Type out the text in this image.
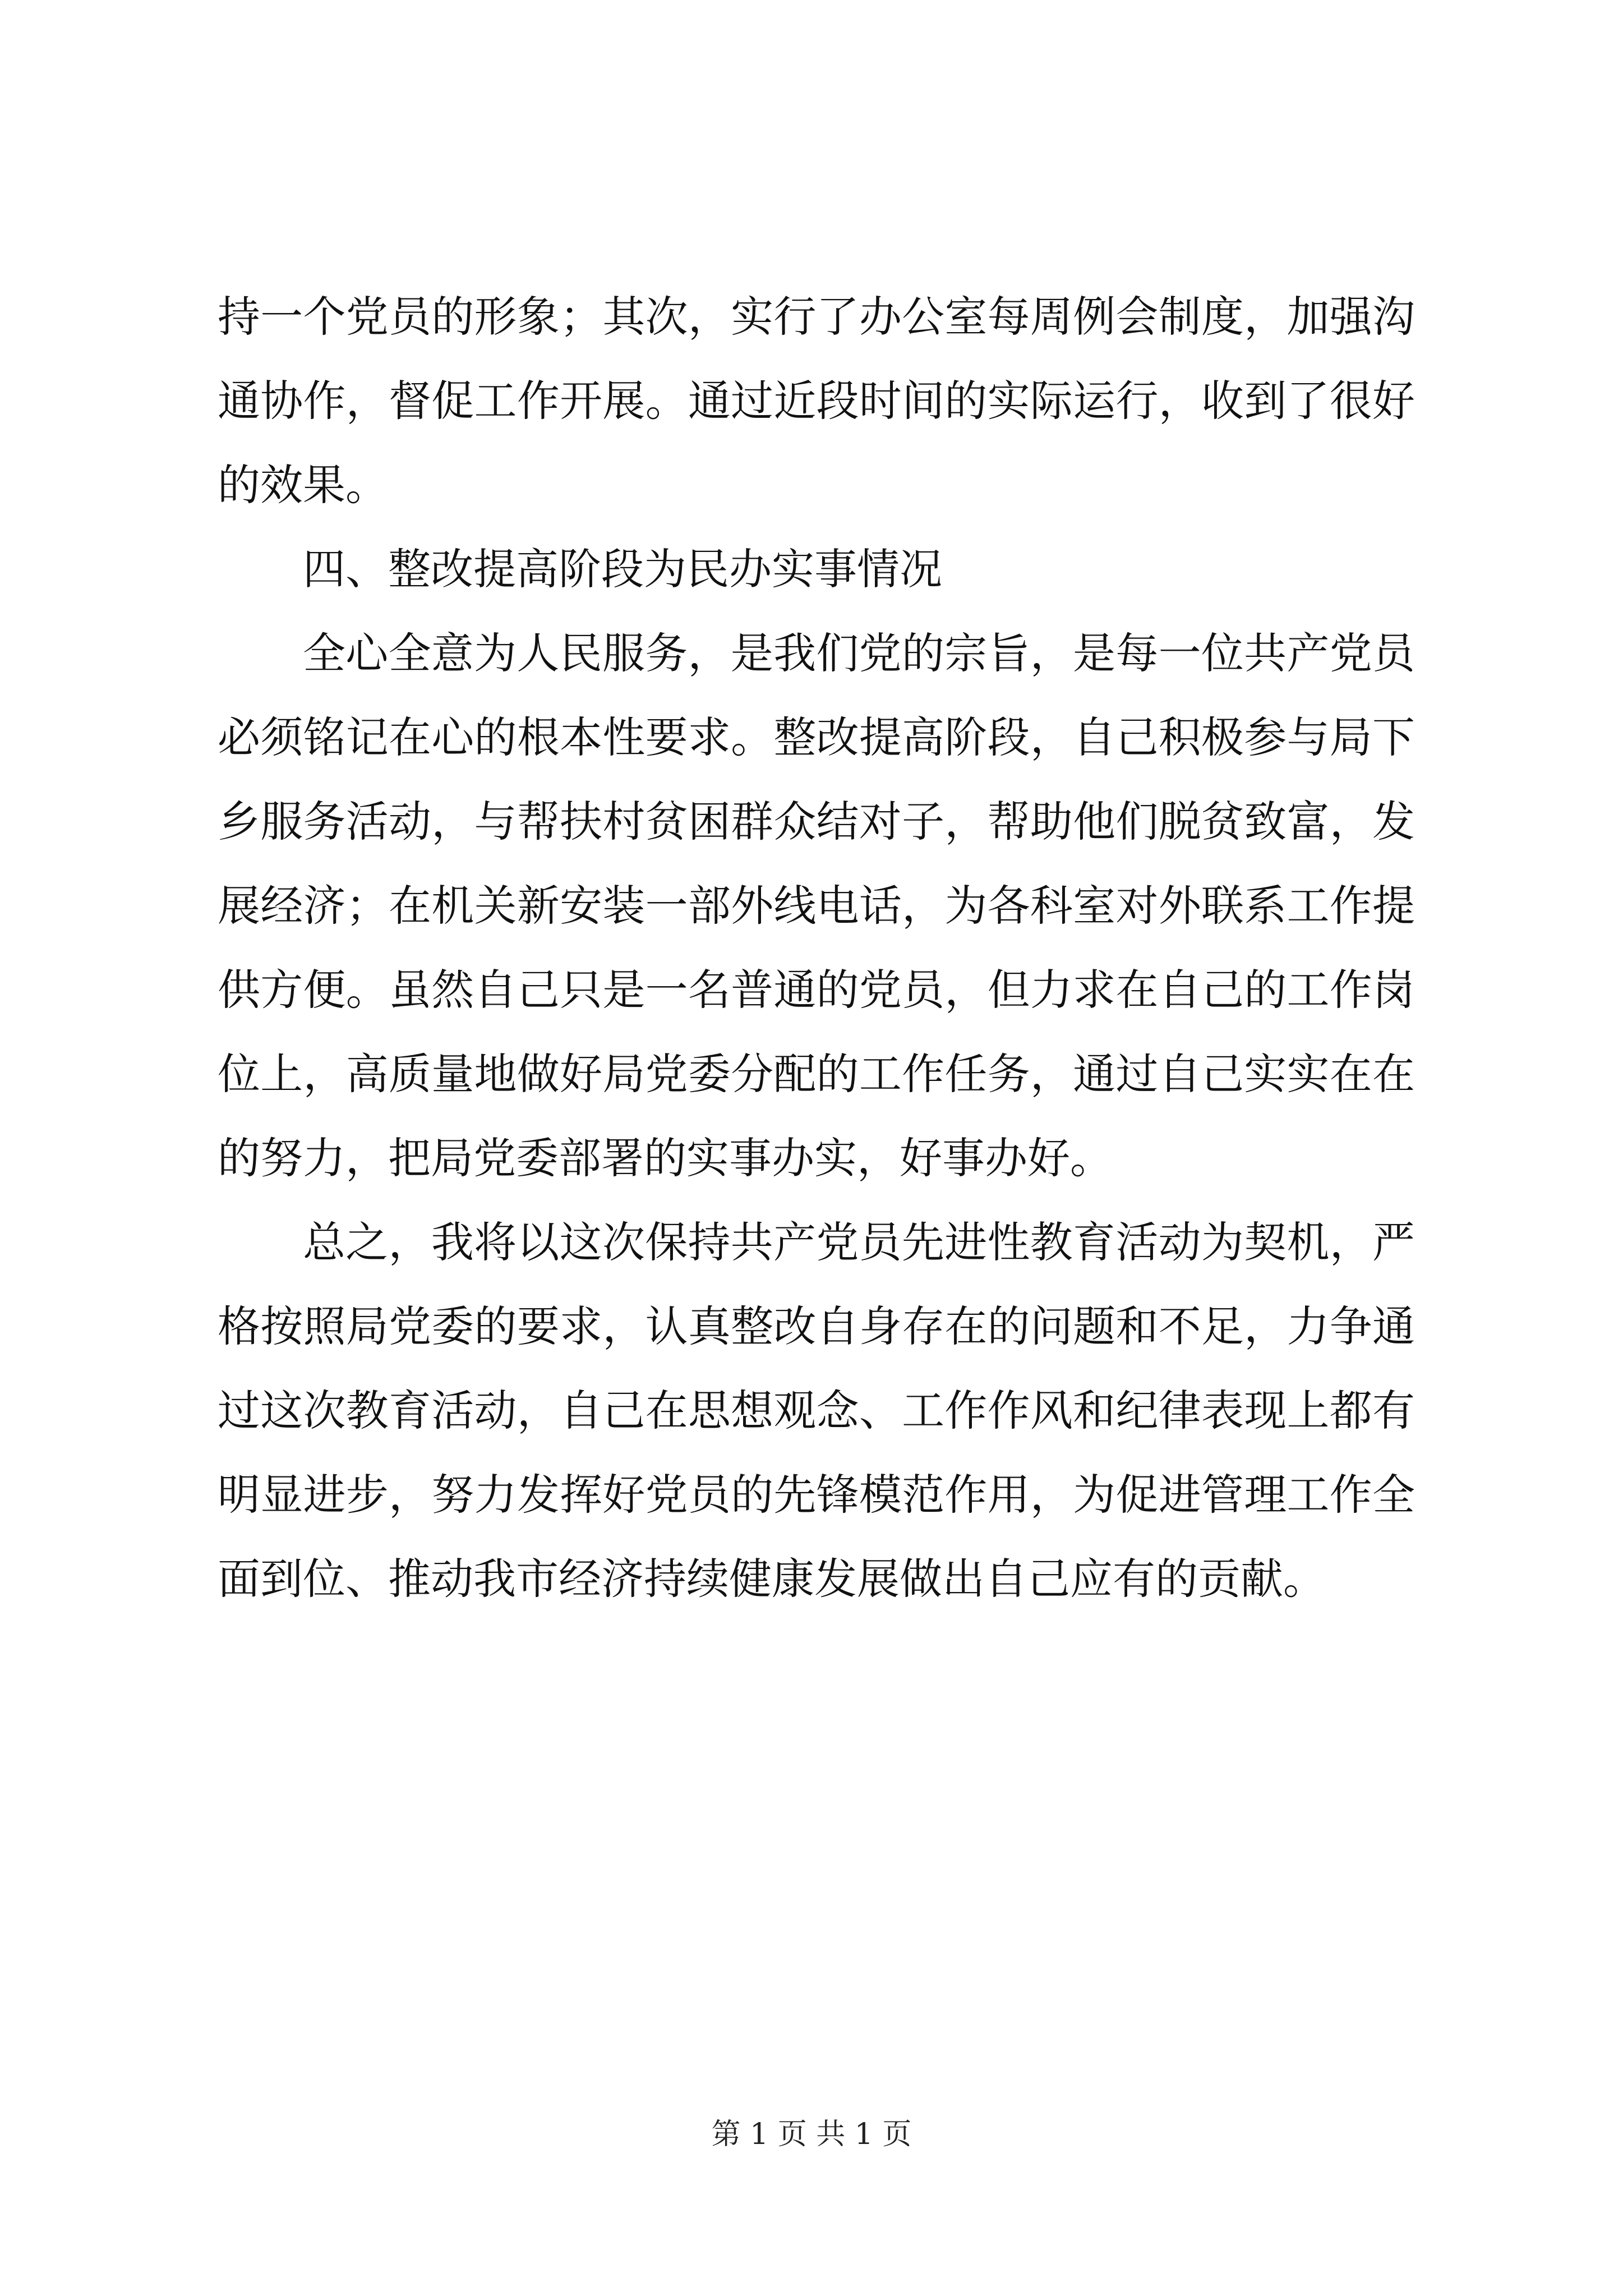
持一个党员的形象；其次，实行了办公室每周例会制度，加强沟
通协作，督促工作开展。通过近段时间的实际运行，收到了很好
的效果。
四、整改提高阶段为民办实事情况
全心全意为人民服务，是我们党的宗旨，是每一位共产党员
必须铭记在心的根本性要求。整改提高阶段，自己积极参与局下
乡服务活动，与帮扶村贫困群众结对子，帮助他们脱贫致富，发
展经济；在机关新安装一部外线电话，为各科室对外联系工作提
供方便。虽然自己只是一名普通的党员，但力求在自己的工作岗
位上，高质量地做好局党委分配的工作任务，通过自己实实在在
的努力，把局党委部署的实事办实，好事办好。
总之，我将以这次保持共产党员先进性教育活动为契机，严
格按照局党委的要求，认真整改自身存在的问题和不足，力争通
过这次教育活动，自己在思想观念、工作作风和纪律表现上都有
明显进步，努力发挥好党员的先锋模范作用，为促进管理工作全
面到位、推动我市经济持续健康发展做出自己应有的贡献。
第 1 页 共 1 页
